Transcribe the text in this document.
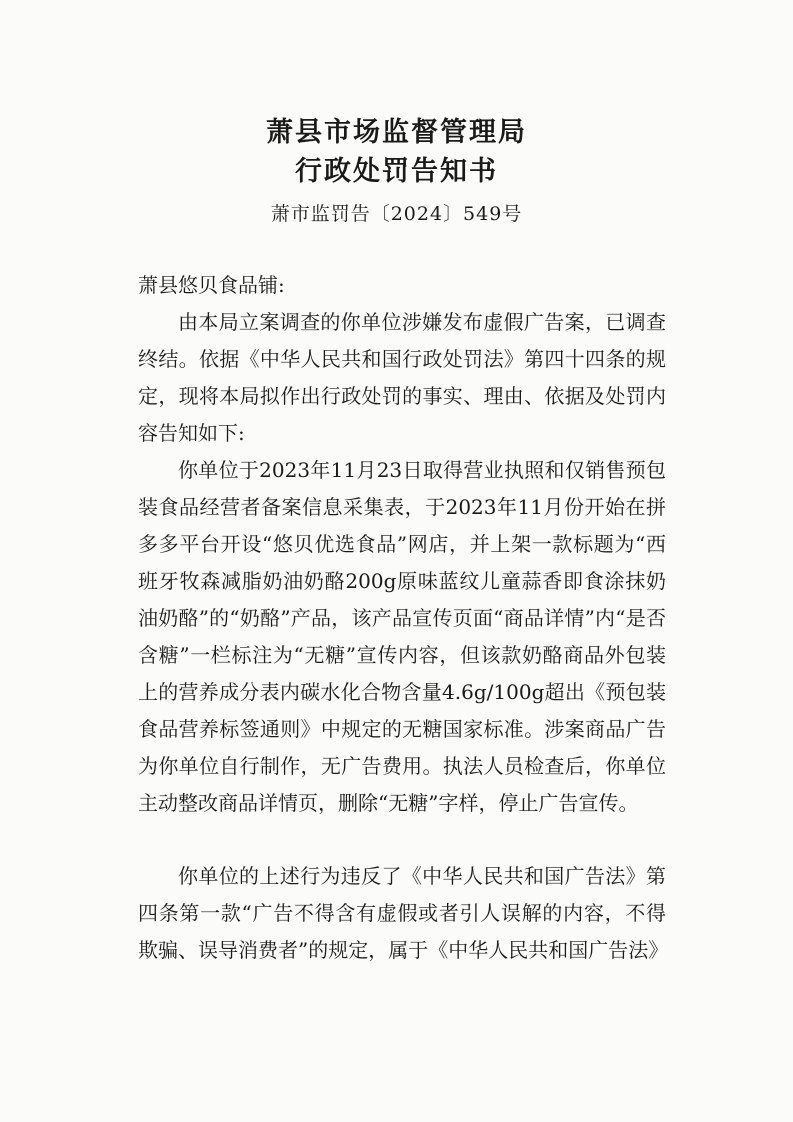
萧县市场监督管理局
行政处罚告知书
萧市监罚告〔2024〕549号

萧县悠贝食品铺:

由本局立案调查的你单位涉嫌发布虚假广告案，已调查终结。依据《中华人民共和国行政处罚法》第四十四条的规定，现将本局拟作出行政处罚的事实、理由、依据及处罚内容告知如下:

你单位于2023年11月23日取得营业执照和仅销售预包装食品经营者备案信息采集表，于2023年11月份开始在拼多多平台开设“悠贝优选食品”网店，并上架一款标题为“西班牙牧森减脂奶油奶酪200g原味蓝纹儿童蒜香即食涂抹奶油奶酪”的“奶酪”产品，该产品宣传页面“商品详情”内“是否含糖”一栏标注为“无糖”宣传内容，但该款奶酪商品外包装上的营养成分表内碳水化合物含量4.6g/100g超出《预包装食品营养标签通则》中规定的无糖国家标准。涉案商品广告为你单位自行制作，无广告费用。执法人员检查后，你单位主动整改商品详情页，删除“无糖”字样，停止广告宣传。

你单位的上述行为违反了《中华人民共和国广告法》第四条第一款“广告不得含有虚假或者引人误解的内容，不得欺骗、误导消费者”的规定，属于《中华人民共和国广告法》
